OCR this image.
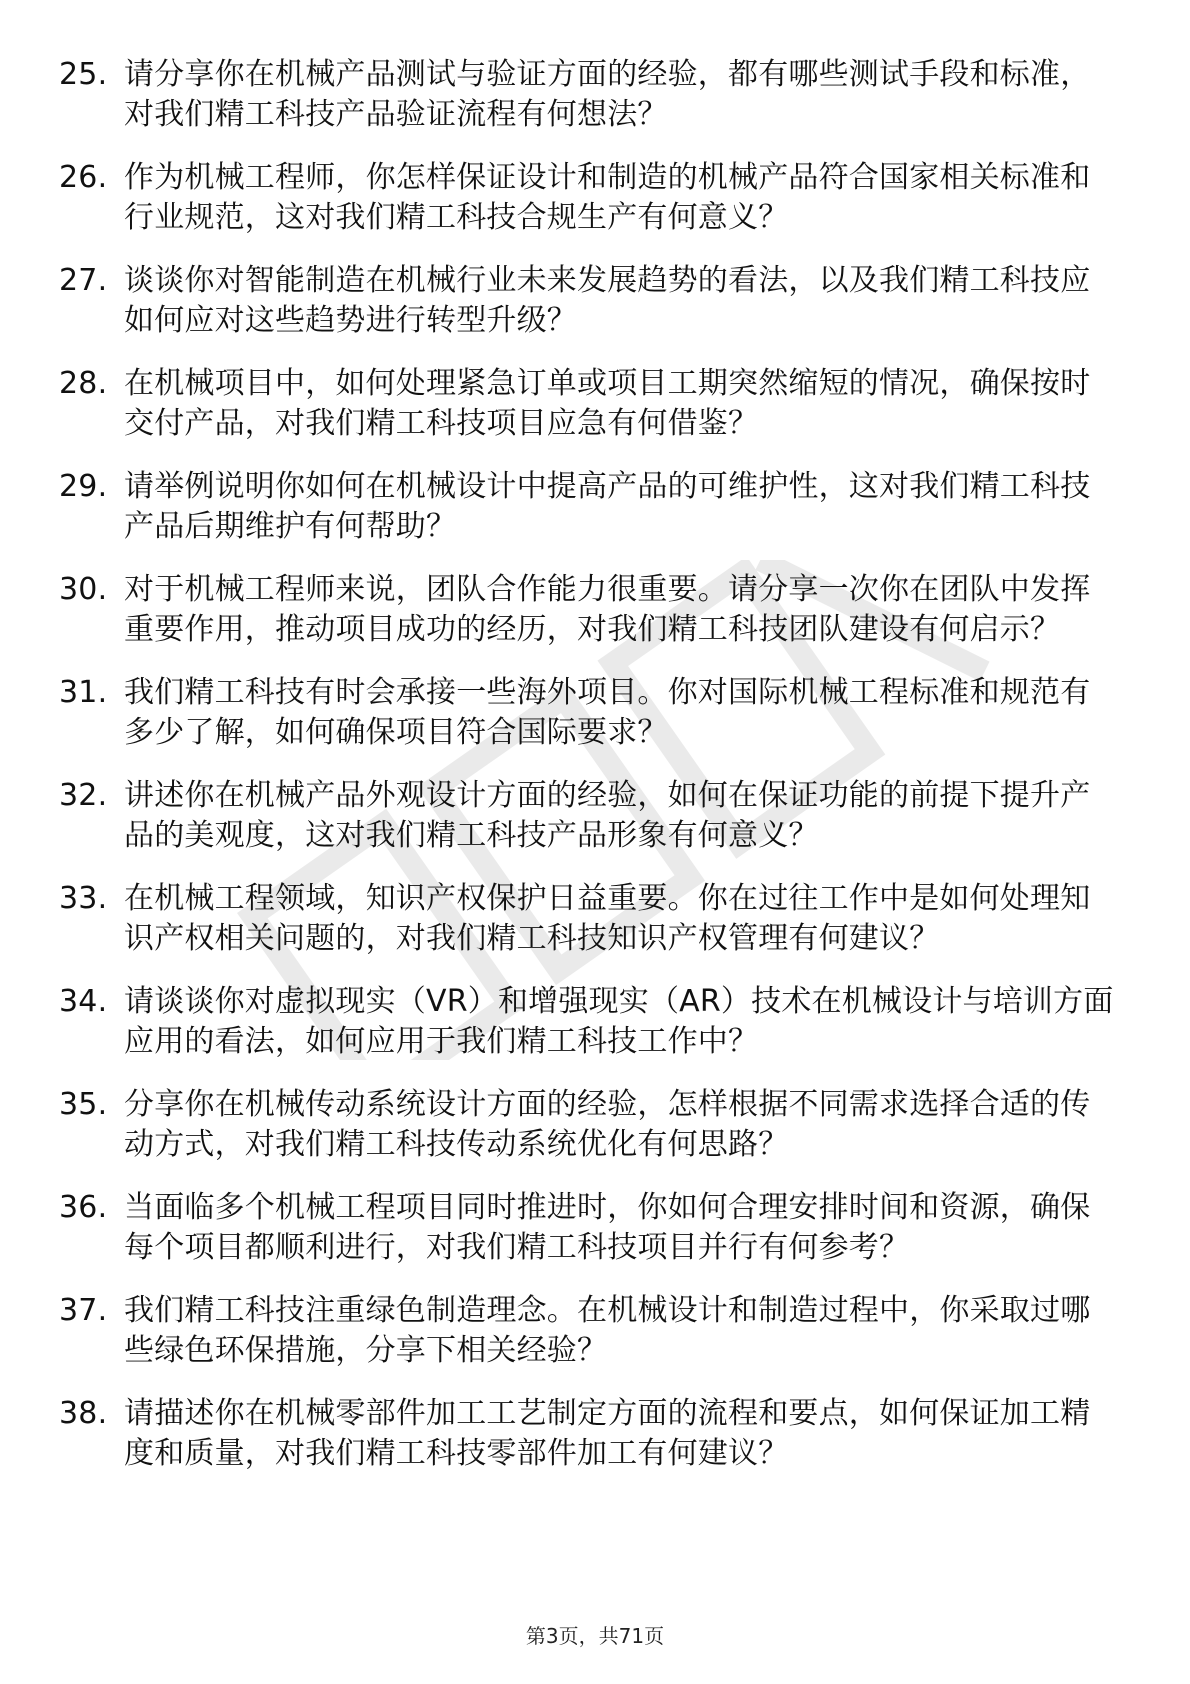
25. 请分享你在机械产品测试与验证方面的经验，都有哪些测试手段和标准，对我们精工科技产品验证流程有何想法？
26. 作为机械工程师，你怎样保证设计和制造的机械产品符合国家相关标准和行业规范，这对我们精工科技合规生产有何意义？
27. 谈谈你对智能制造在机械行业未来发展趋势的看法，以及我们精工科技应如何应对这些趋势进行转型升级？
28. 在机械项目中，如何处理紧急订单或项目工期突然缩短的情况，确保按时交付产品，对我们精工科技项目应急有何借鉴？
29. 请举例说明你如何在机械设计中提高产品的可维护性，这对我们精工科技产品后期维护有何帮助？
30. 对于机械工程师来说，团队合作能力很重要。请分享一次你在团队中发挥重要作用，推动项目成功的经历，对我们精工科技团队建设有何启示？
31. 我们精工科技有时会承接一些海外项目。你对国际机械工程标准和规范有多少了解，如何确保项目符合国际要求？
32. 讲述你在机械产品外观设计方面的经验，如何在保证功能的前提下提升产品的美观度，这对我们精工科技产品形象有何意义？
33. 在机械工程领域，知识产权保护日益重要。你在过往工作中是如何处理知识产权相关问题的，对我们精工科技知识产权管理有何建议？
34. 请谈谈你对虚拟现实（VR）和增强现实（AR）技术在机械设计与培训方面应用的看法，如何应用于我们精工科技工作中？
35. 分享你在机械传动系统设计方面的经验，怎样根据不同需求选择合适的传动方式，对我们精工科技传动系统优化有何思路？
36. 当面临多个机械工程项目同时推进时，你如何合理安排时间和资源，确保每个项目都顺利进行，对我们精工科技项目并行有何参考？
37. 我们精工科技注重绿色制造理念。在机械设计和制造过程中，你采取过哪些绿色环保措施，分享下相关经验？
38. 请描述你在机械零部件加工工艺制定方面的流程和要点，如何保证加工精度和质量，对我们精工科技零部件加工有何建议？
第3页，共71页
